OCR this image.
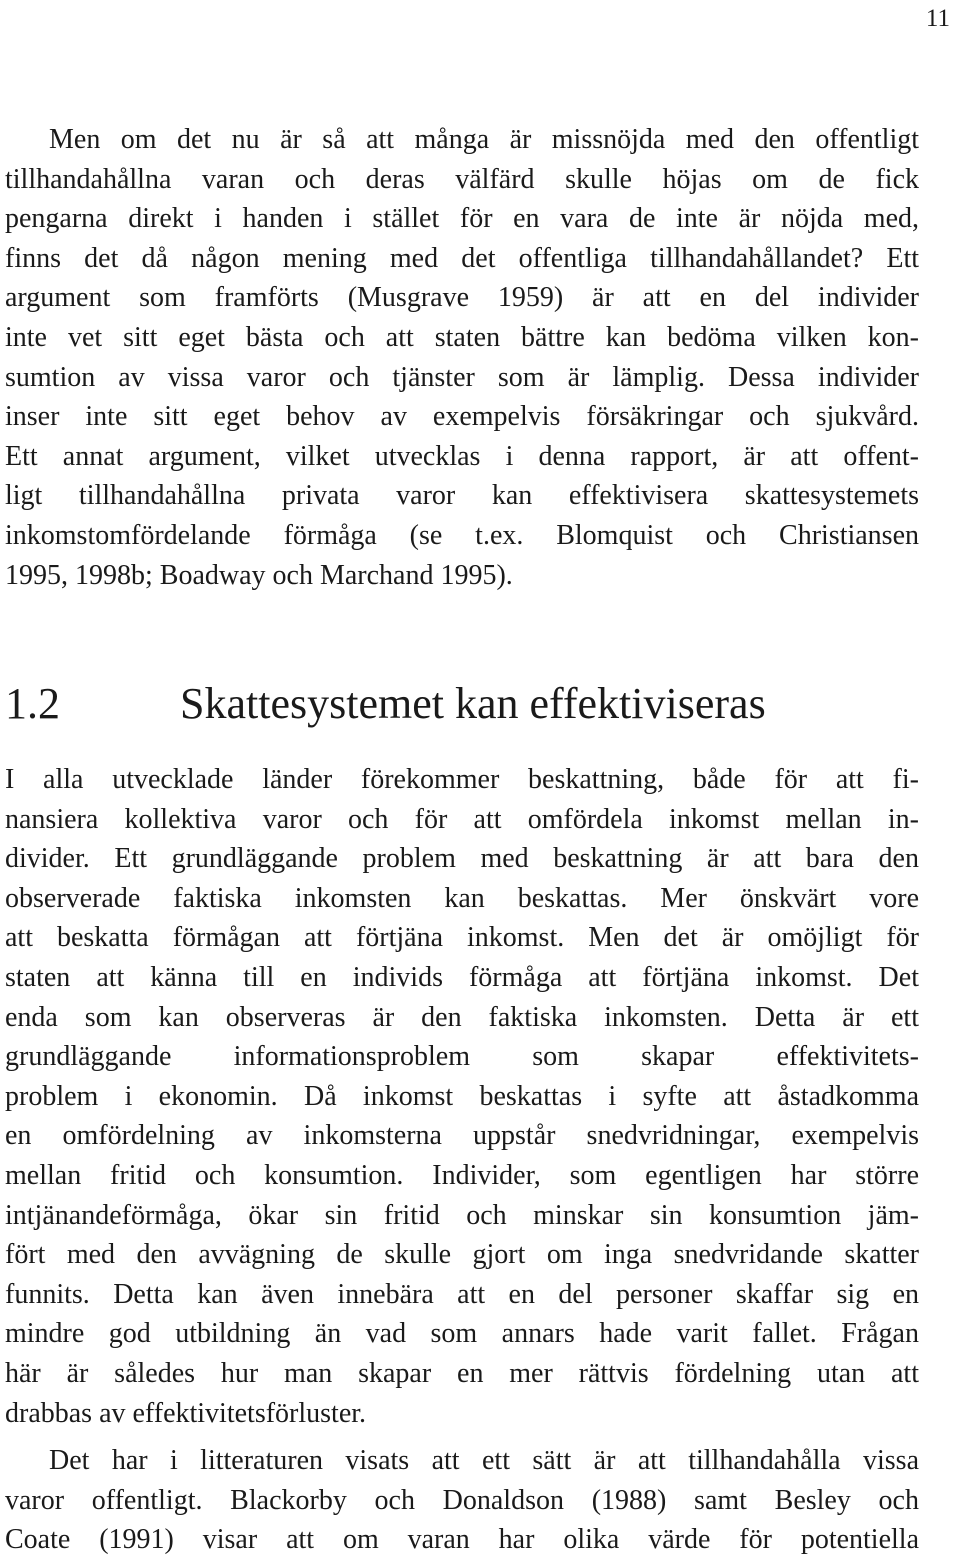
11
Men om det nu är så att många är missnöjda med den offentligt
tillhandahållna varan och deras välfärd skulle höjas om de fick
pengarna direkt i handen i stället för en vara de inte är nöjda med,
finns det då någon mening med det offentliga tillhandahållandet? Ett
argument som framförts (Musgrave 1959) är att en del individer
inte vet sitt eget bästa och att staten bättre kan bedöma vilken kon-
sumtion av vissa varor och tjänster som är lämplig. Dessa individer
inser inte sitt eget behov av exempelvis försäkringar och sjukvård.
Ett annat argument, vilket utvecklas i denna rapport, är att offent-
ligt tillhandahållna privata varor kan effektivisera skattesystemets
inkomstomfördelande förmåga (se t.ex. Blomquist och Christiansen
1995, 1998b; Boadway och Marchand 1995).
1.2	Skattesystemet kan effektiviseras
I alla utvecklade länder förekommer beskattning, både för att fi-
nansiera kollektiva varor och för att omfördela inkomst mellan in-
divider. Ett grundläggande problem med beskattning är att bara den
observerade faktiska inkomsten kan beskattas. Mer önskvärt vore
att beskatta förmågan att förtjäna inkomst. Men det är omöjligt för
staten att känna till en individs förmåga att förtjäna inkomst. Det
enda som kan observeras är den faktiska inkomsten. Detta är ett
grundläggande informationsproblem som skapar effektivitets-
problem i ekonomin. Då inkomst beskattas i syfte att åstadkomma
en omfördelning av inkomsterna uppstår snedvridningar, exempelvis
mellan fritid och konsumtion. Individer, som egentligen har större
intjänandeförmåga, ökar sin fritid och minskar sin konsumtion jäm-
fört med den avvägning de skulle gjort om inga snedvridande skatter
funnits. Detta kan även innebära att en del personer skaffar sig en
mindre god utbildning än vad som annars hade varit fallet. Frågan
här är således hur man skapar en mer rättvis fördelning utan att
drabbas av effektivitetsförluster.
Det har i litteraturen visats att ett sätt är att tillhandahålla vissa
varor offentligt. Blackorby och Donaldson (1988) samt Besley och
Coate (1991) visar att om varan har olika värde för potentiella
